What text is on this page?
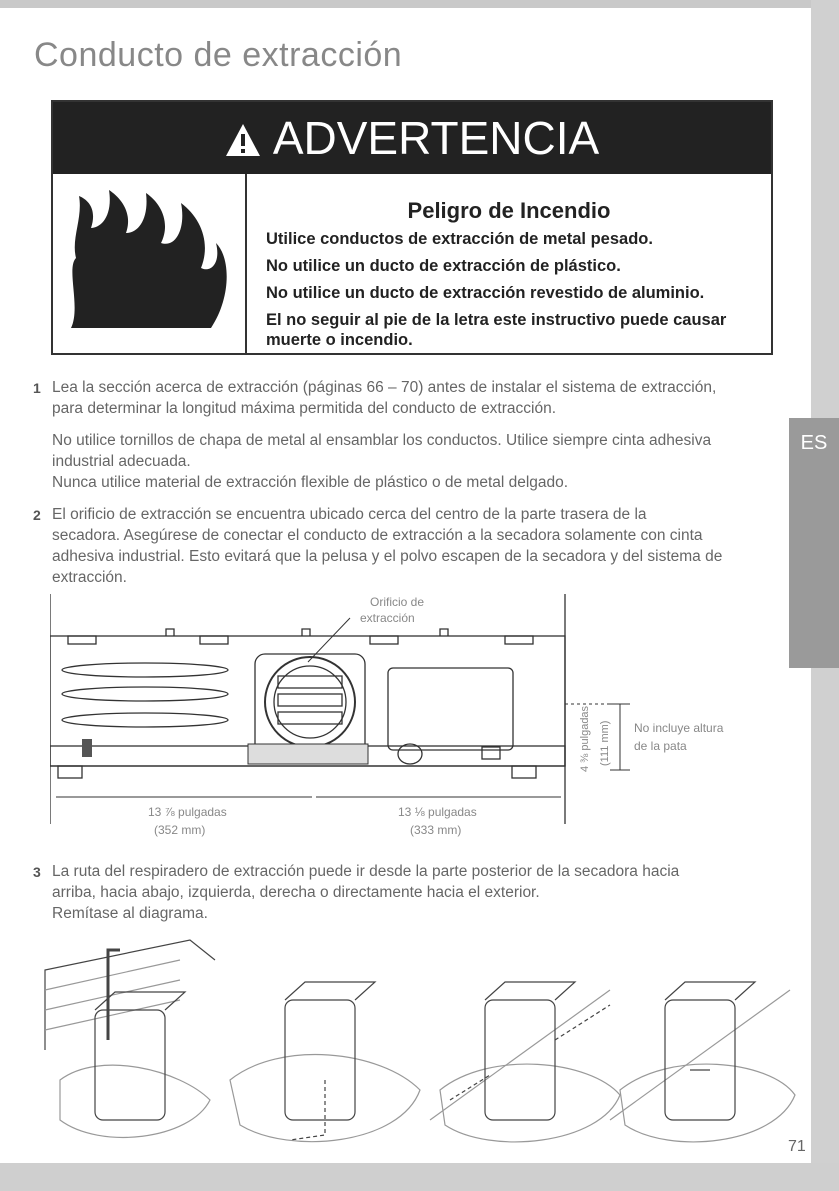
ES
Conducto de extracción
ADVERTENCIA
Peligro de Incendio
Utilice conductos de extracción de metal pesado.
No utilice un ducto de extracción de plástico.
No utilice un ducto de extracción revestido de aluminio.
El no seguir al pie de la letra este instructivo puede causar
muerte o incendio.
1 Lea la sección acerca de extracción (páginas 66 – 70) antes de instalar el sistema de extracción,
para determinar la longitud máxima permitida del conducto de extracción.
No utilice tornillos de chapa de metal al ensamblar los conductos. Utilice siempre cinta adhesiva
industrial adecuada.
Nunca utilice material de extracción flexible de plástico o de metal delgado.
2 El orificio de extracción se encuentra ubicado cerca del centro de la parte trasera de la
secadora. Asegúrese de conectar el conducto de extracción a la secadora solamente con cinta
adhesiva industrial. Esto evitará que la pelusa y el polvo escapen de la secadora y del sistema de
extracción.
Orificio de
extracción
13 ⅞ pulgadas
(352 mm)
13 ⅛ pulgadas
(333 mm)
4 ⅜ pulgadas (111 mm) No incluye altura
de la pata
3 La ruta del respiradero de extracción puede ir desde la parte posterior de la secadora hacia
arriba, hacia abajo, izquierda, derecha o directamente hacia el exterior.
Remítase al diagrama.
71
